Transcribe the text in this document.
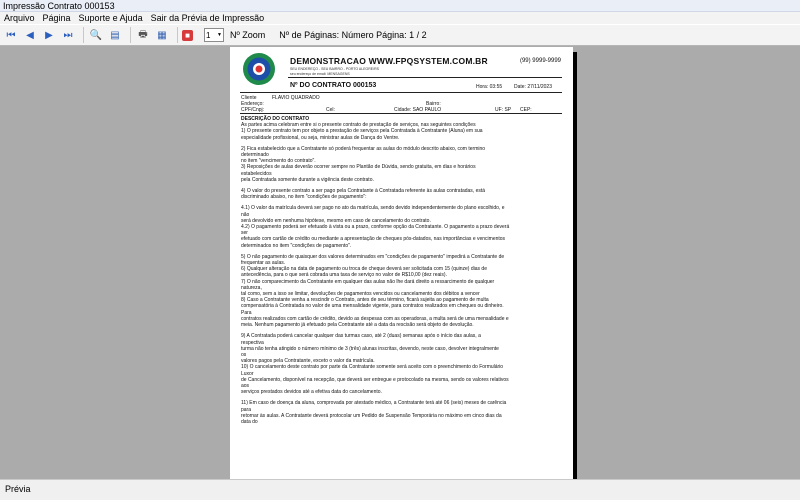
Impressão Contrato 000153
Arquivo Página Suporte e Ajuda Sair da Prévia de Impressão
⏮	◀	▶	⏭	🔍 ▤	🖶 ▦	■	1 ▼ Nº Zoom Nº de Páginas: Número Página: 1 / 2
DEMONSTRACAO WWW.FPQSYSTEM.COM.BR	(99) 9999-9999
SEU ENDEREÇO - SEU BAIRRO - PORTO ALEGRE/RS
seu endereço de email: MENSAGENS
Nº DO CONTRATO 000153	Hora: 03:55 Date: 27/11/2023
Cliente	FLAVIO QUADRADO
Endereço:	Bairro:
CPF/Cnpj:	Cel:	Cidade: SAO PAULO	UF: SP CEP:

DESCRIÇÃO DO CONTRATO

As partes acima celebram entre si o presente contrato de prestação de serviços, nas seguintes condições
1) O presente contrato tem por objeto a prestação de serviços pela Contratada à Contratante (Aluna) em sua
especialidade profissional, ou seja, ministrar aulas de Dança do Ventre.

2) Fica estabelecido que a Contratante só poderá frequentar as aulas do módulo descrito abaixo, com termino
determinado
no item "vencimento do contrato".
3) Reposições de aulas deverão ocorrer sempre no Plantão de Dúvida, sendo gratuita, em dias e horários
estabelecidos
pela Contratada somente durante a vigência deste contrato.

4) O valor do presente contrato a ser pago pela Contratante à Contratada referente às aulas contratadas, está
discriminado abaixo, no item "condições de pagamento":

4.1) O valor da matrícula deverá ser pago no ato da matrícula, sendo devido independentemente do plano escolhido, e
não
será devolvido em nenhuma hipótese, mesmo em caso de cancelamento do contrato.
4.2) O pagamento poderá ser efetuado à vista ou a prazo, conforme opção da Contratante. O pagamento a prazo deverá
ser
efetuado com cartão de crédito ou mediante a apresentação de cheques pós-datados, nas importâncias e vencimentos
determinados no item "condições de pagamento".

5) O não pagamento de quaisquer dos valores determinados em "condições de pagamento" impedirá a Contratante de
frequentar as aulas.
6) Qualquer alteração na data de pagamento ou troca de cheque deverá ser solicitada com 15 (quinze) dias de
antecedência, para o que será cobrada uma taxa de serviço no valor de R$10,00 (dez reais).
7) O não comparecimento da Contratante em qualquer das aulas não lhe dará direito a ressarcimento de qualquer
natureza,
tal como, sem a isso se limitar, devoluções de pagamentos vencidos ou cancelamento dos débitos a vencer
8) Caso a Contratante venha a rescindir o Contrato, antes de seu término, ficará sujeita ao pagamento de multa
compensatória à Contratada no valor de uma mensalidade vigente, para contratos realizados em cheques ou dinheiro.
Para
contratos realizados com cartão de crédito, devido as despesas com as operadoras, a multa será de uma mensalidade e
meia. Nenhum pagamento já efetuado pela Contratante até a data da rescisão será objeto de devolução.

9) A Contratada poderá cancelar qualquer das turmas caso, até 2 (duas) semanas após o início das aulas, a
respectiva
turma não tenha atingido o número mínimo de 3 (três) alunas inscritas, devendo, neste caso, devolver integralmente
os
valores pagos pela Contratante, exceto o valor da matrícula.
10) O cancelamento deste contrato por parte da Contratante somente será aceito com o preenchimento do Formulário
Luxor
de Cancelamento, disponível na recepção, que deverá ser entregue e protocolado na mesma, sendo os valores relativos
aos
serviços prestados devidos até a efetiva data do cancelamento.

11) Em caso de doença da aluna, comprovada por atestado médico, a Contratante terá até 06 (seis) meses de carência
para
retornar às aulas. A Contratante deverá protocolar um Pedido de Suspensão Temporária no máximo em cinco dias da
data do

Prévia
